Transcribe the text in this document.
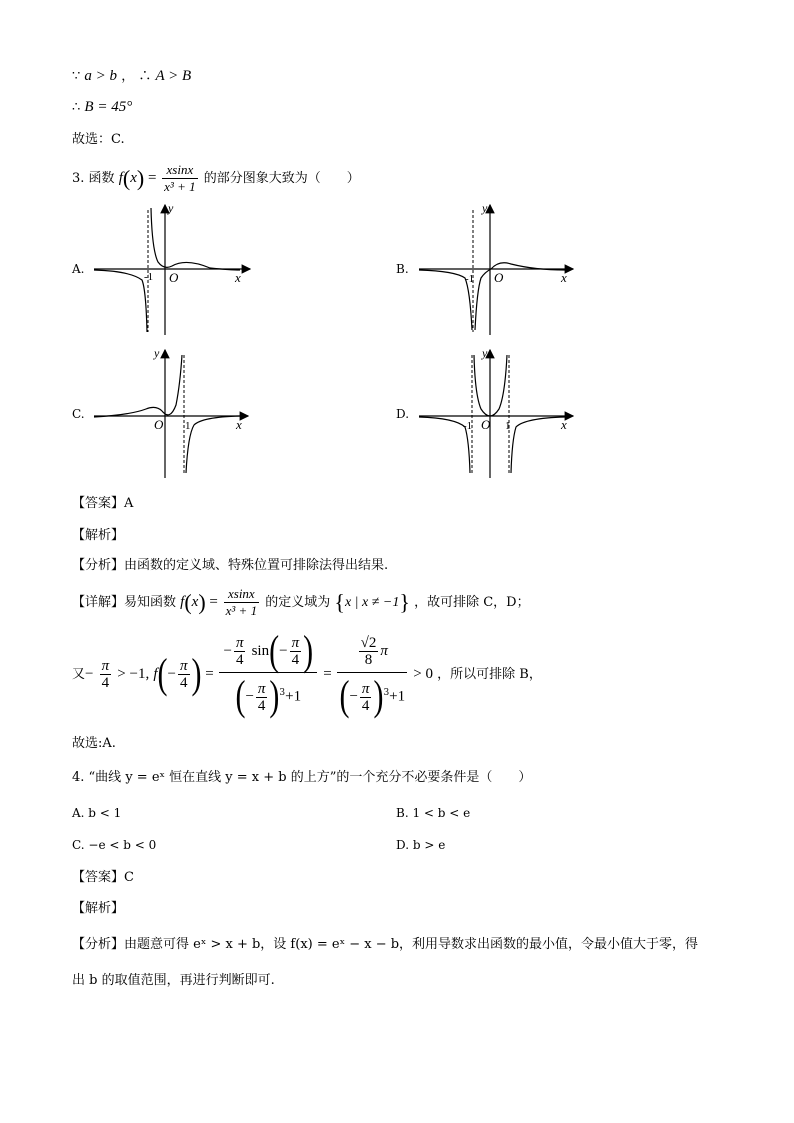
∵ a > b ， ∴ A > B
∴ B = 45°
故选：C.
3. 函数 $f(x) = \frac{xsinx}{\text{x³ + 1}}$ 的部分图象大致为（　　）
A.
y
x
O
-1
B.
y
x
O
-1
C.
y
x
O 1
D.
y
x
O
-1	1
【答案】A
【解析】
【分析】由函数的定义域、特殊位置可排除法得出结果.
【详解】易知函数 $f(x) = \frac{xsinx}{\text{x³ + 1}}$ 的定义域为 {x | x ≠ −1} ，故可排除 C，D；
又− $\frac{\pi}{4} > -1$, $f(- \frac{\pi}{4}$ ) = $\frac{- \frac{\pi}{4} \sin(- \frac{\pi}{4} )}{(- \frac{\pi}{4} )^3+1} = \frac{\frac{√2}{8} \pi}{(- \frac{\pi}{4} )^3+1} > 0$ ，所以可排除 B，
故选:A.
4. “曲线 y = eˣ 恒在直线 y = x + b 的上方”的一个充分不必要条件是（　　）
A. b < 1	B. 1 < b < e
C. −e < b < 0	D. b > e
【答案】C
【解析】
【分析】由题意可得 eˣ > x + b，设 f(x) = eˣ − x − b，利用导数求出函数的最小值，令最小值大于零，得
出 b 的取值范围，再进行判断即可.
